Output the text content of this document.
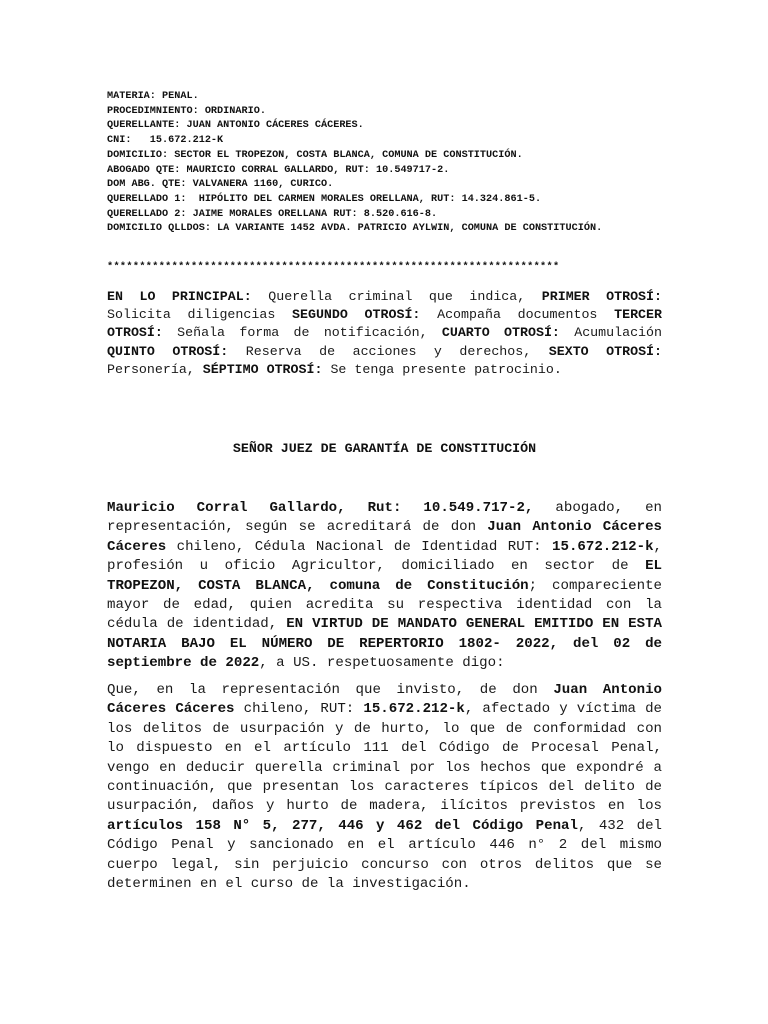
MATERIA: PENAL.
PROCEDIMNIENTO: ORDINARIO.
QUERELLANTE: JUAN ANTONIO CÁCERES CÁCERES.
CNI:   15.672.212-K
DOMICILIO: SECTOR EL TROPEZON, COSTA BLANCA, COMUNA DE CONSTITUCIÓN.
ABOGADO QTE: MAURICIO CORRAL GALLARDO, RUT: 10.549717-2.
DOM ABG. QTE: VALVANERA 1160, CURICO.
QUERELLADO 1:  HIPÓLITO DEL CARMEN MORALES ORELLANA, RUT: 14.324.861-5.
QUERELLADO 2: JAIME MORALES ORELLANA RUT: 8.520.616-8.
DOMICILIO QLLDOS: LA VARIANTE 1452 AVDA. PATRICIO AYLWIN, COMUNA DE CONSTITUCIÓN.
**********************************************************************
EN LO PRINCIPAL: Querella criminal que indica, PRIMER OTROSÍ: Solicita diligencias SEGUNDO OTROSÍ: Acompaña documentos TERCER OTROSÍ: Señala forma de notificación, CUARTO OTROSÍ: Acumulación QUINTO OTROSÍ: Reserva de acciones y derechos, SEXTO OTROSÍ: Personería, SÉPTIMO OTROSÍ: Se tenga presente patrocinio.
SEÑOR JUEZ DE GARANTÍA DE CONSTITUCIÓN
Mauricio Corral Gallardo, Rut: 10.549.717-2, abogado, en representación, según se acreditará de don Juan Antonio Cáceres Cáceres chileno, Cédula Nacional de Identidad RUT: 15.672.212-k, profesión u oficio Agricultor, domiciliado en sector de EL TROPEZON, COSTA BLANCA, comuna de Constitución; compareciente mayor de edad, quien acredita su respectiva identidad con la cédula de identidad, EN VIRTUD DE MANDATO GENERAL EMITIDO EN ESTA NOTARIA BAJO EL NÚMERO DE REPERTORIO 1802- 2022, del 02 de septiembre de 2022, a US. respetuosamente digo:
Que, en la representación que invisto, de don Juan Antonio Cáceres Cáceres chileno, RUT: 15.672.212-k, afectado y víctima de los delitos de usurpación y de hurto, lo que de conformidad con lo dispuesto en el artículo 111 del Código de Procesal Penal, vengo en deducir querella criminal por los hechos que expondré a continuación, que presentan los caracteres típicos del delito de usurpación, daños y hurto de madera, ilícitos previstos en los artículos 158 N° 5, 277, 446 y 462 del Código Penal, 432 del Código Penal y sancionado en el artículo 446 n° 2 del mismo cuerpo legal, sin perjuicio concurso con otros delitos que se determinen en el curso de la investigación.
